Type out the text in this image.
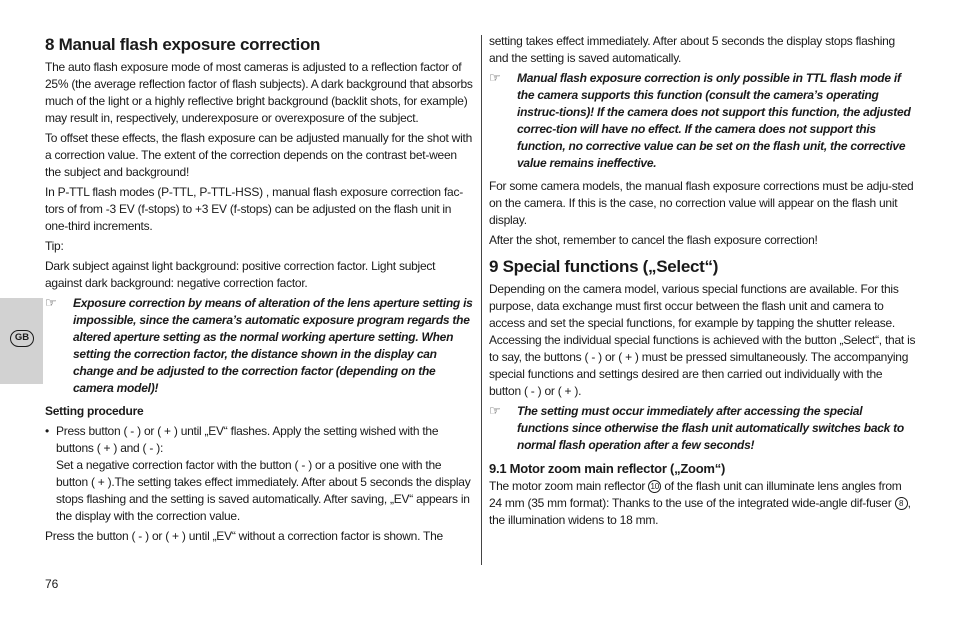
GB
8 Manual flash exposure correction

The auto flash exposure mode of most cameras is adjusted to a reflection factor of 25% (the average reflection factor of flash subjects). A dark background that absorbs much of the light or a highly reflective bright background (backlit shots, for example) may result in, respectively, underexposure or overexposure of the subject.

To offset these effects, the flash exposure can be adjusted manually for the shot with a correction value. The extent of the correction depends on the contrast bet-ween the subject and background!

In P-TTL flash modes (P-TTL, P-TTL-HSS) , manual flash exposure correction fac-tors of from -3 EV (f-stops) to +3 EV (f-stops) can be adjusted on the flash unit in one-third increments.

Tip:

Dark subject against light background: positive correction factor. Light subject against dark background: negative correction factor.

☞	Exposure correction by means of alteration of the lens aperture setting is impossible, since the camera’s automatic exposure program regards the altered aperture setting as the normal working aperture setting. When setting the correction factor, the distance shown in the display can change and be adjusted to the correction factor (depending on the camera model)!

Setting procedure

• Press button ( - ) or ( + ) until „EV“ flashes. Apply the setting wished with the buttons ( + ) and ( - ):

Set a negative correction factor with the button ( - ) or a positive one with the button ( + ).The setting takes effect immediately. After about 5 seconds the display stops flashing and the setting is saved automatically. After saving, „EV“ appears in the display with the correction value.

Press the button ( - ) or ( + ) until „EV“ without a correction factor is shown. The

setting takes effect immediately. After about 5 seconds the display stops flashing and the setting is saved automatically.

☞	Manual flash exposure correction is only possible in TTL flash mode if the camera supports this function (consult the camera’s operating instruc-tions)! If the camera does not support this function, the adjusted correc-tion will have no effect. If the camera does not support this function, no corrective value can be set on the flash unit, the corrective value remains ineffective.

For some camera models, the manual flash exposure corrections must be adju-sted on the camera. If this is the case, no correction value will appear on the flash unit display.

After the shot, remember to cancel the flash exposure correction!

9 Special functions („Select“)

Depending on the camera model, various special functions are available. For this purpose, data exchange must first occur between the flash unit and camera to access and set the special functions, for example by tapping the shutter release. Accessing the individual special functions is achieved with the button „Select“, that is to say, the buttons ( - ) or ( + ) must be pressed simultaneously. The accompanying special functions and settings desired are then carried out individually with the button ( - ) or ( + ).

☞	The setting must occur immediately after accessing the special functions since otherwise the flash unit automatically switches back to normal flash operation after a few seconds!
9.1 Motor zoom main reflector („Zoom“)

The motor zoom main reflector 10 of the flash unit can illuminate lens angles from 24 mm (35 mm format): Thanks to the use of the integrated wide-angle dif-fuser 8 , the illumination widens to 18 mm.

76
